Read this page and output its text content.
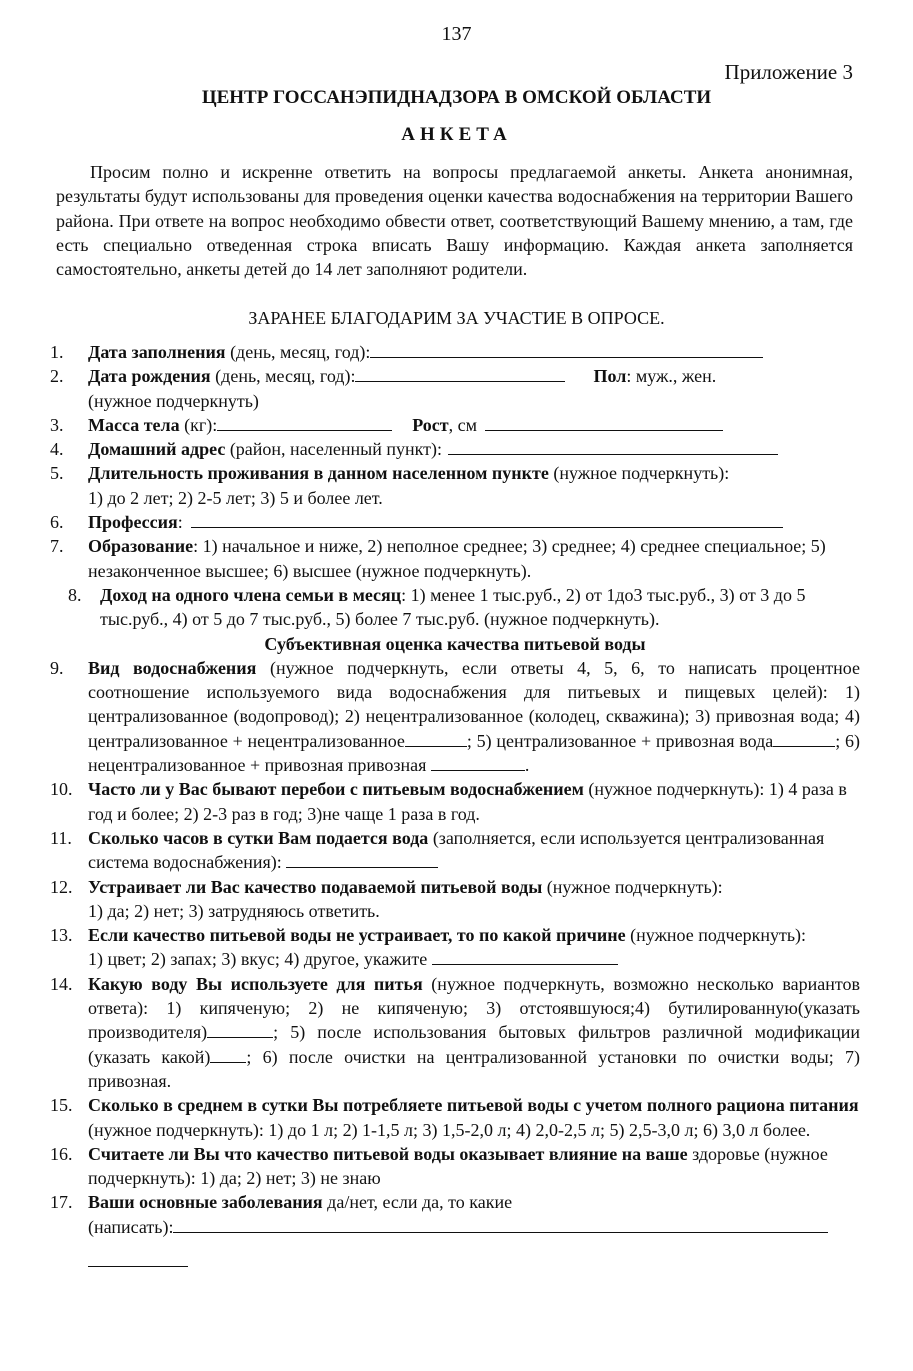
137
Приложение 3
ЦЕНТР ГОССАНЭПИДНАДЗОРА В ОМСКОЙ ОБЛАСТИ
АНКЕТА
Просим полно и искренне ответить на вопросы предлагаемой анкеты. Анкета анонимная, результаты будут использованы для проведения оценки качества водоснабжения на территории Вашего района. При ответе на вопрос необходимо обвести ответ, соответствующий Вашему мнению, а там, где есть специально отведенная строка вписать Вашу информацию. Каждая анкета заполняется самостоятельно, анкеты детей до 14 лет заполняют родители.
ЗАРАНЕЕ БЛАГОДАРИМ ЗА УЧАСТИЕ В ОПРОСЕ.
1. Дата заполнения (день, месяц, год):
2. Дата рождения (день, месяц, год):	Пол: муж., жен.
(нужное подчеркнуть)
3. Масса тела (кг):	Рост, см
4. Домашний адрес (район, населенный пункт):
5. Длительность проживания в данном населенном пункте (нужное подчеркнуть):
1) до 2 лет; 2) 2-5 лет; 3) 5 и более лет.
6. Профессия:
7. Образование: 1) начальное и ниже, 2) неполное среднее; 3) среднее; 4) среднее специальное; 5) незаконченное высшее; 6) высшее (нужное подчеркнуть).
8. Доход на одного члена семьи в месяц: 1) менее 1 тыс.руб., 2) от 1до3 тыс.руб., 3) от 3 до 5 тыс.руб., 4) от 5 до 7 тыс.руб., 5) более 7 тыс.руб. (нужное подчеркнуть).
Субъективная оценка качества питьевой воды
9. Вид водоснабжения (нужное подчеркнуть, если ответы 4, 5, 6, то написать процентное соотношение используемого вида водоснабжения для питьевых и пищевых целей): 1) централизованное (водопровод); 2) нецентрализованное (колодец, скважина); 3) привозная вода; 4) централизованное + нецентрализованное	; 5) централизованное + привозная вода	; 6) нецентрализованное + привозная привозная	.
10. Часто ли у Вас бывают перебои с питьевым водоснабжением (нужное подчеркнуть): 1) 4 раза в год и более; 2) 2-3 раз в год; 3)не чаще 1 раза в год.
11. Сколько часов в сутки Вам подается вода (заполняется, если используется централизованная система водоснабжения):
12. Устраивает ли Вас качество подаваемой питьевой воды (нужное подчеркнуть):
1) да; 2) нет; 3) затрудняюсь ответить.
13. Если качество питьевой воды не устраивает, то по какой причине (нужное подчеркнуть):
1) цвет; 2) запах; 3) вкус; 4) другое, укажите
14. Какую воду Вы используете для питья (нужное подчеркнуть, возможно несколько вариантов ответа): 1) кипяченую; 2) не кипяченую; 3) отстоявшуюся;4) бутилированную(указать производителя)	; 5) после использования бытовых фильтров различной модификации (указать какой) ; 6) после очистки на централизованной установки по очистки воды; 7) привозная.
15. Сколько в среднем в сутки Вы потребляете питьевой воды с учетом полного рациона питания (нужное подчеркнуть): 1) до 1 л; 2) 1-1,5 л; 3) 1,5-2,0 л; 4) 2,0-2,5 л; 5) 2,5-3,0 л; 6) 3,0 л более.
16. Считаете ли Вы что качество питьевой воды оказывает влияние на ваше здоровье (нужное подчеркнуть): 1) да; 2) нет; 3) не знаю
17. Ваши основные заболевания да/нет, если да, то какие
(написать):
